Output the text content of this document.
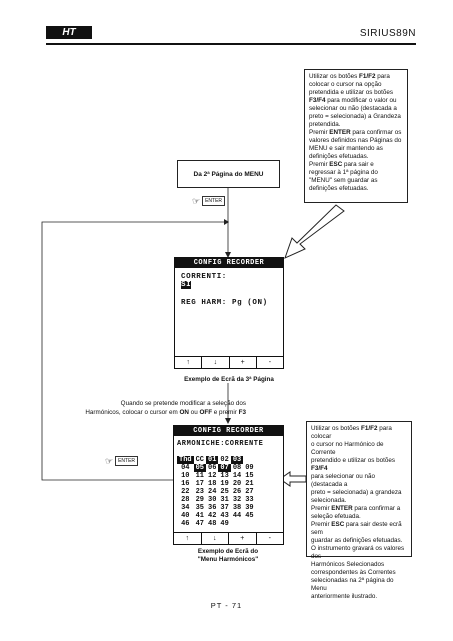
HT	SIRIUS89N
Utilizar os botões F1/F2 para
colocar o cursor na opção
pretendida e utilizar os botões
F3/F4 para modificar o valor ou
selecionar ou não (destacada a
preto = selecionada) a Grandeza
pretendida.
Premir ENTER para confirmar os
valores definidos nas Páginas do
MENU e sair mantendo as
definições efetuadas.
Premir ESC para sair e
regressar à 1ª página do
"MENU" sem guardar as
definições efetuadas.
Da 2ª Página do MENU
☞	ENTER
CONFIG RECORDER
CORRENTI:
SI
REG HARM: Pg (ON)
↑	↓	+	-
Exemplo de Ecrã da 3ª Página
Quando se pretende modificar a seleção dos
Harmónicos, colocar o cursor em ON ou OFF e premir F3
CONFIG RECORDER
ARMONICHE:CORRENTE
Thd	CC	01	02	03	
04	05	06	07	08	09
10	11	12	13	14	15
16	17	18	19	20	21
22	23	24	25	26	27
28	29	30	31	32	33
34	35	36	37	38	39
40	41	42	43	44	45
46	47	48	49		
↑	↓	+	-
Exemplo de Ecrã do
"Menu Harmónicos"
☞	ENTER
Utilizar os botões F1/F2 para colocar
o cursor no Harmónico de Corrente
pretendido e utilizar os botões F3/F4
para selecionar ou não (destacada a
preto = selecionada) a grandeza
selecionada.
Premir ENTER para confirmar a
seleção efetuada.
Premir ESC para sair deste ecrã sem
guardar as definições efetuadas.
O instrumento gravará os valores dos
Harmónicos Selecionados
correspondentes às Correntes
selecionadas na 2ª página do Menu
anteriormente ilustrado.
PT - 71
